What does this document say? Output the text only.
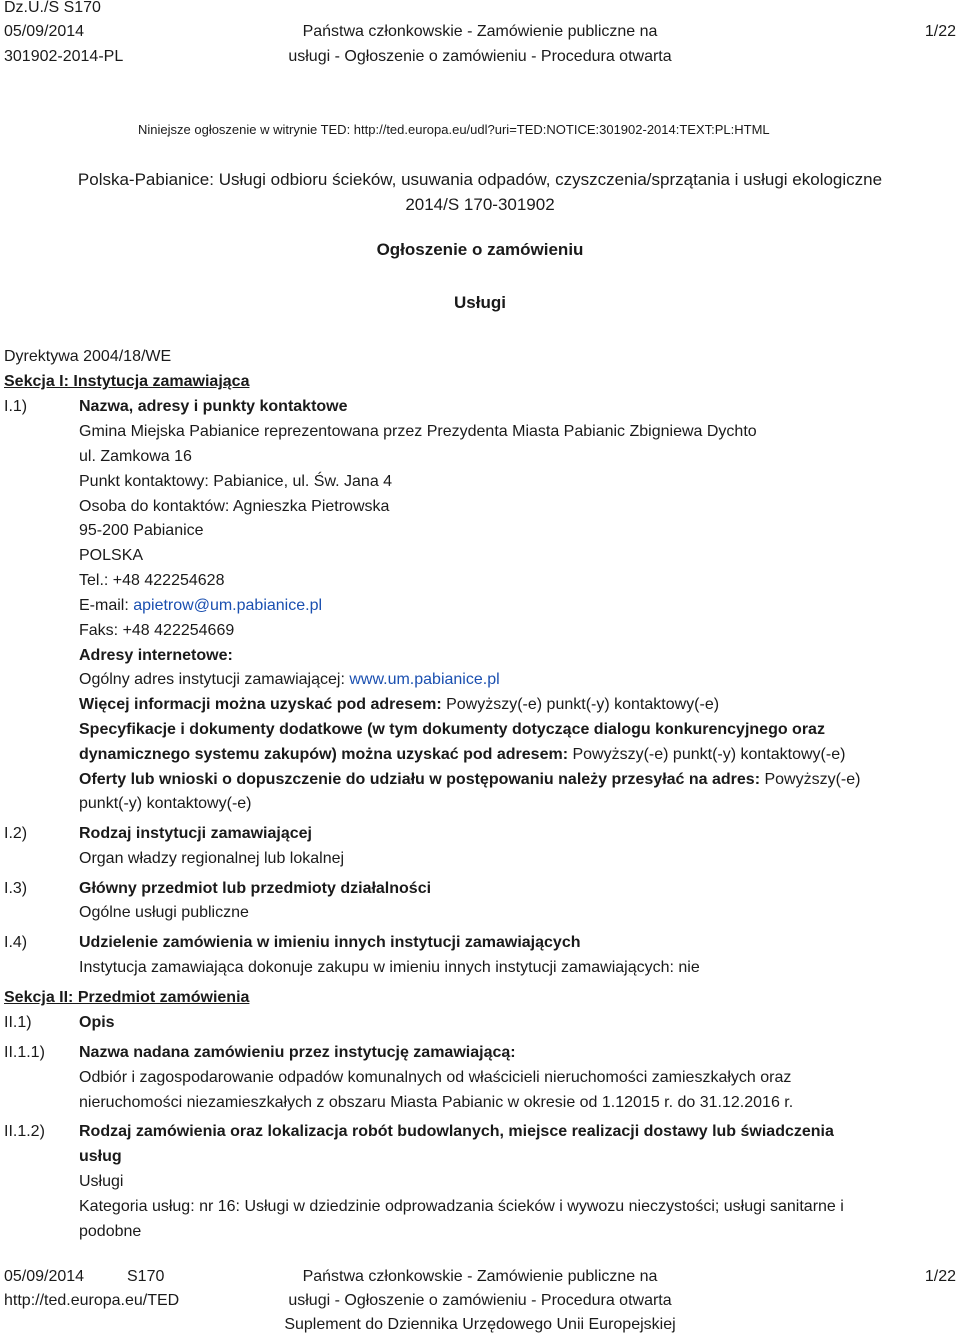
Dz.U./S S170
05/09/2014
301902-2014-PL
Państwa członkowskie - Zamówienie publiczne na
usługi - Ogłoszenie o zamówieniu - Procedura otwarta
1/22
Niniejsze ogłoszenie w witrynie TED: http://ted.europa.eu/udl?uri=TED:NOTICE:301902-2014:TEXT:PL:HTML
Polska-Pabianice: Usługi odbioru ścieków, usuwania odpadów, czyszczenia/sprzątania i usługi ekologiczne
2014/S 170-301902
Ogłoszenie o zamówieniu
Usługi
Dyrektywa 2004/18/WE
Sekcja I: Instytucja zamawiająca
I.1)	Nazwa, adresy i punkty kontaktowe
Gmina Miejska Pabianice reprezentowana przez Prezydenta Miasta Pabianic Zbigniewa Dychto
ul. Zamkowa 16
Punkt kontaktowy: Pabianice, ul. Św. Jana 4
Osoba do kontaktów: Agnieszka Pietrowska
95-200 Pabianice
POLSKA
Tel.: +48 422254628
E-mail: apietrow@um.pabianice.pl
Faks: +48 422254669
Adresy internetowe:
Ogólny adres instytucji zamawiającej: www.um.pabianice.pl
Więcej informacji można uzyskać pod adresem: Powyższy(-e) punkt(-y) kontaktowy(-e)
Specyfikacje i dokumenty dodatkowe (w tym dokumenty dotyczące dialogu konkurencyjnego oraz
dynamicznego systemu zakupów) można uzyskać pod adresem: Powyższy(-e) punkt(-y) kontaktowy(-e)
Oferty lub wnioski o dopuszczenie do udziału w postępowaniu należy przesyłać na adres: Powyższy(-e)
punkt(-y) kontaktowy(-e)
I.2)	Rodzaj instytucji zamawiającej
Organ władzy regionalnej lub lokalnej
I.3)	Główny przedmiot lub przedmioty działalności
Ogólne usługi publiczne
I.4)	Udzielenie zamówienia w imieniu innych instytucji zamawiających
Instytucja zamawiająca dokonuje zakupu w imieniu innych instytucji zamawiających: nie
Sekcja II: Przedmiot zamówienia
II.1)	Opis
II.1.1) Nazwa nadana zamówieniu przez instytucję zamawiającą:
Odbiór i zagospodarowanie odpadów komunalnych od właścicieli nieruchomości zamieszkałych oraz
nieruchomości niezamieszkałych z obszaru Miasta Pabianic w okresie od 1.12015 r. do 31.12.2016 r.
II.1.2) Rodzaj zamówienia oraz lokalizacja robót budowlanych, miejsce realizacji dostawy lub świadczenia
usług
Usługi
Kategoria usług: nr 16: Usługi w dziedzinie odprowadzania ścieków i wywozu nieczystości; usługi sanitarne i
podobne
05/09/2014	S170
http://ted.europa.eu/TED
Państwa członkowskie - Zamówienie publiczne na
usługi - Ogłoszenie o zamówieniu - Procedura otwarta
Suplement do Dziennika Urzędowego Unii Europejskiej
1/22
